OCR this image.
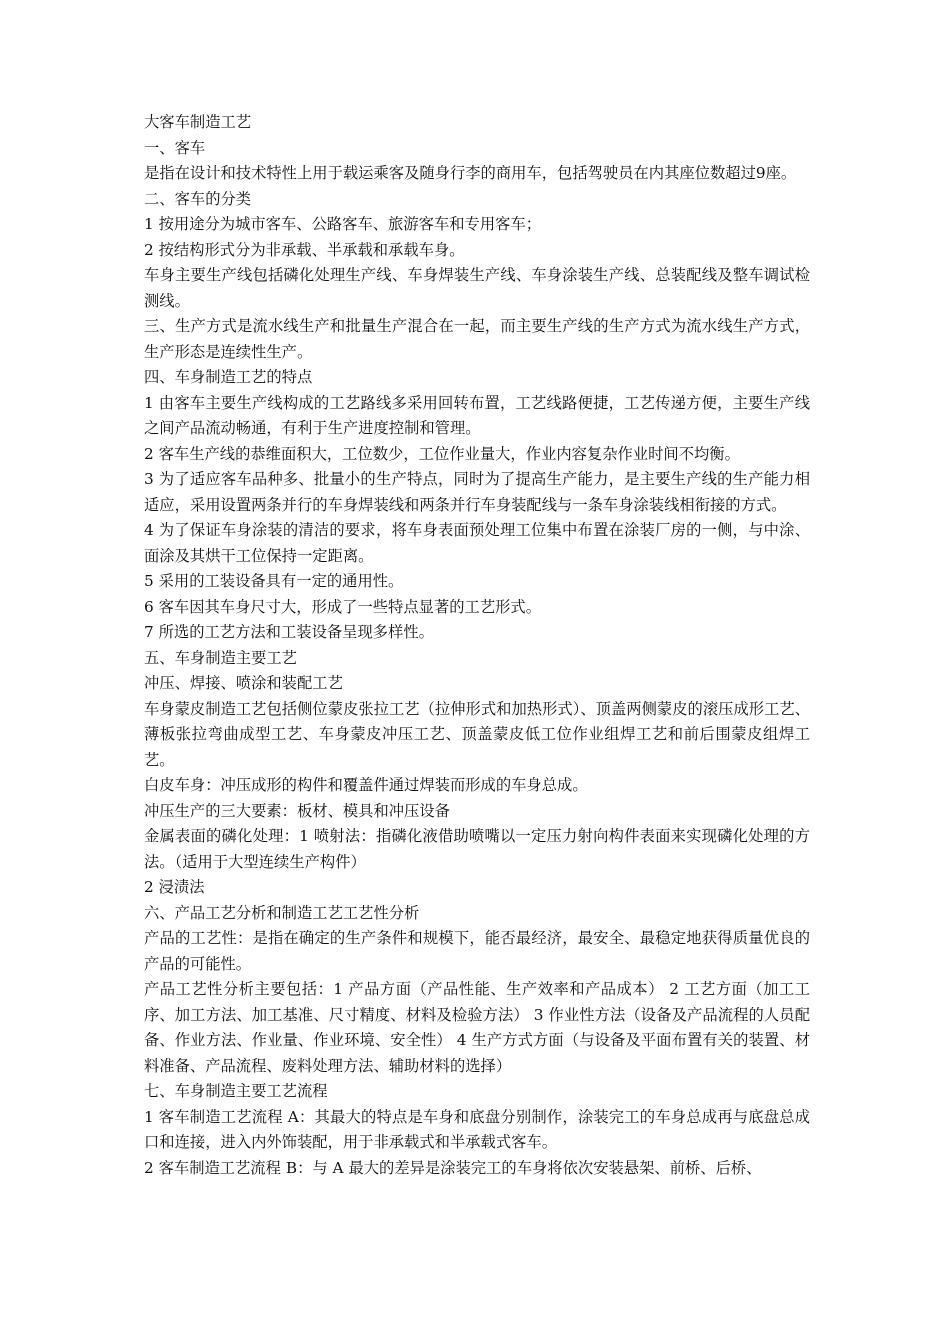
大客车制造工艺

一、客车

是指在设计和技术特性上用于载运乘客及随身行李的商用车，包括驾驶员在内其座位数超过9座。

二、客车的分类

1 按用途分为城市客车、公路客车、旅游客车和专用客车；

2 按结构形式分为非承载、半承载和承载车身。

车身主要生产线包括磷化处理生产线、车身焊装生产线、车身涂装生产线、总装配线及整车调试检测线。

三、生产方式是流水线生产和批量生产混合在一起，而主要生产线的生产方式为流水线生产方式，生产形态是连续性生产。

四、车身制造工艺的特点

1 由客车主要生产线构成的工艺路线多采用回转布置，工艺线路便捷，工艺传递方便，主要生产线之间产品流动畅通，有利于生产进度控制和管理。

2 客车生产线的恭维面积大，工位数少，工位作业量大，作业内容复杂作业时间不均衡。

3 为了适应客车品种多、批量小的生产特点，同时为了提高生产能力，是主要生产线的生产能力相适应，采用设置两条并行的车身焊装线和两条并行车身装配线与一条车身涂装线相衔接的方式。

4 为了保证车身涂装的清洁的要求，将车身表面预处理工位集中布置在涂装厂房的一侧，与中涂、面涂及其烘干工位保持一定距离。

5 采用的工装设备具有一定的通用性。

6 客车因其车身尺寸大，形成了一些特点显著的工艺形式。

7 所选的工艺方法和工装设备呈现多样性。

五、车身制造主要工艺

冲压、焊接、喷涂和装配工艺

车身蒙皮制造工艺包括侧位蒙皮张拉工艺（拉伸形式和加热形式）、顶盖两侧蒙皮的滚压成形工艺、薄板张拉弯曲成型工艺、车身蒙皮冲压工艺、顶盖蒙皮低工位作业组焊工艺和前后围蒙皮组焊工艺。

白皮车身：冲压成形的构件和覆盖件通过焊装而形成的车身总成。

冲压生产的三大要素：板材、模具和冲压设备

金属表面的磷化处理：1 喷射法：指磷化液借助喷嘴以一定压力射向构件表面来实现磷化处理的方法。（适用于大型连续生产构件）

2 浸渍法

六、产品工艺分析和制造工艺工艺性分析

产品的工艺性：是指在确定的生产条件和规模下，能否最经济，最安全、最稳定地获得质量优良的产品的可能性。

产品工艺性分析主要包括：1 产品方面（产品性能、生产效率和产品成本） 2 工艺方面（加工工序、加工方法、加工基准、尺寸精度、材料及检验方法） 3 作业性方法（设备及产品流程的人员配备、作业方法、作业量、作业环境、安全性） 4 生产方式方面（与设备及平面布置有关的装置、材料准备、产品流程、废料处理方法、辅助材料的选择）

七、车身制造主要工艺流程

1 客车制造工艺流程 A：其最大的特点是车身和底盘分别制作，涂装完工的车身总成再与底盘总成口和连接，进入内外饰装配，用于非承载式和半承载式客车。

2 客车制造工艺流程 B：与 A 最大的差异是涂装完工的车身将依次安装悬架、前桥、后桥、
